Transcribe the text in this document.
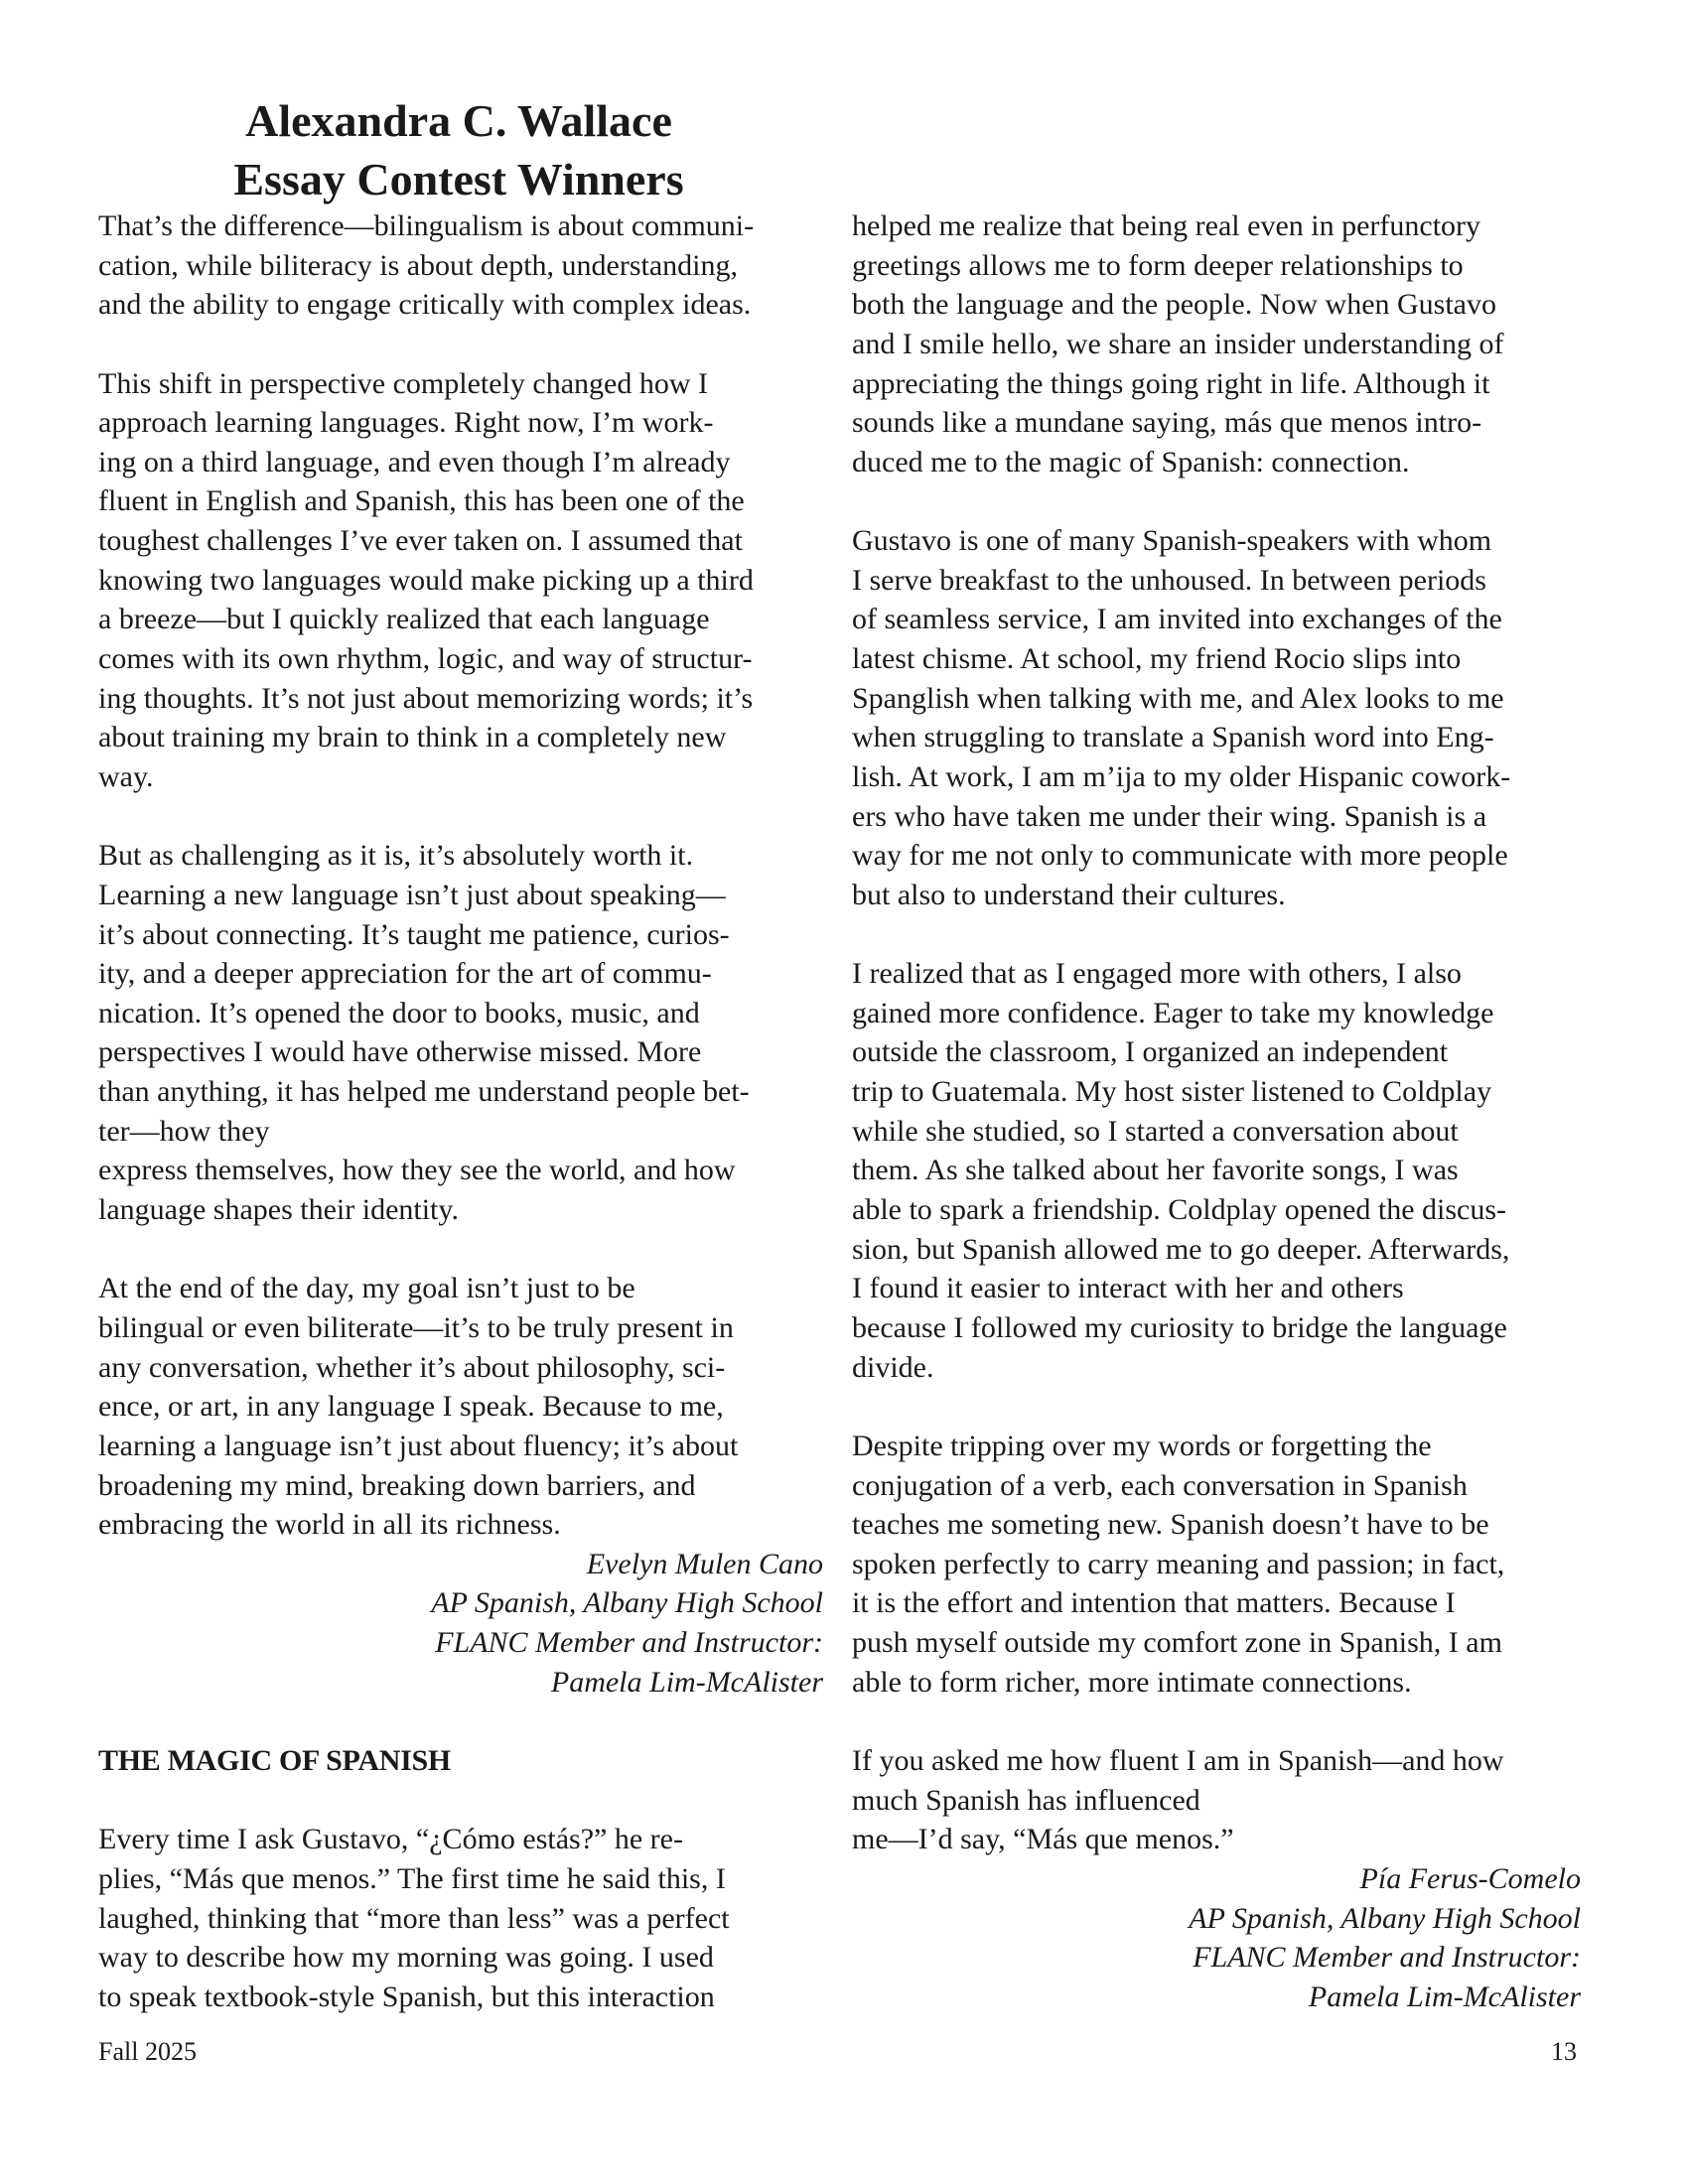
Alexandra C. Wallace
Essay Contest Winners
That’s the difference—bilingualism is about communi-
cation, while biliteracy is about depth, understanding,
and the ability to engage critically with complex ideas.
This shift in perspective completely changed how I
approach learning languages. Right now, I’m work-
ing on a third language, and even though I’m already
fluent in English and Spanish, this has been one of the
toughest challenges I’ve ever taken on. I assumed that
knowing two languages would make picking up a third
a breeze—but I quickly realized that each language
comes with its own rhythm, logic, and way of structur-
ing thoughts. It’s not just about memorizing words; it’s
about training my brain to think in a completely new
way.
But as challenging as it is, it’s absolutely worth it.
Learning a new language isn’t just about speaking—
it’s about connecting. It’s taught me patience, curios-
ity, and a deeper appreciation for the art of commu-
nication. It’s opened the door to books, music, and
perspectives I would have otherwise missed. More
than anything, it has helped me understand people bet-
ter—how they
express themselves, how they see the world, and how
language shapes their identity.
At the end of the day, my goal isn’t just to be
bilingual or even biliterate—it’s to be truly present in
any conversation, whether it’s about philosophy, sci-
ence, or art, in any language I speak. Because to me,
learning a language isn’t just about fluency; it’s about
broadening my mind, breaking down barriers, and
embracing the world in all its richness.
Evelyn Mulen Cano
AP Spanish, Albany High School
FLANC Member and Instructor:
Pamela Lim-McAlister
THE MAGIC OF SPANISH
Every time I ask Gustavo, “¿Cómo estás?” he re-
plies, “Más que menos.” The first time he said this, I
laughed, thinking that “more than less” was a perfect
way to describe how my morning was going. I used
to speak textbook-style Spanish, but this interaction
helped me realize that being real even in perfunctory
greetings allows me to form deeper relationships to
both the language and the people. Now when Gustavo
and I smile hello, we share an insider understanding of
appreciating the things going right in life. Although it
sounds like a mundane saying, más que menos intro-
duced me to the magic of Spanish: connection.
Gustavo is one of many Spanish-speakers with whom
I serve breakfast to the unhoused. In between periods
of seamless service, I am invited into exchanges of the
latest chisme. At school, my friend Rocio slips into
Spanglish when talking with me, and Alex looks to me
when struggling to translate a Spanish word into Eng-
lish. At work, I am m’ija to my older Hispanic cowork-
ers who have taken me under their wing. Spanish is a
way for me not only to communicate with more people
but also to understand their cultures.
I realized that as I engaged more with others, I also
gained more confidence. Eager to take my knowledge
outside the classroom, I organized an independent
trip to Guatemala. My host sister listened to Coldplay
while she studied, so I started a conversation about
them. As she talked about her favorite songs, I was
able to spark a friendship. Coldplay opened the discus-
sion, but Spanish allowed me to go deeper. Afterwards,
I found it easier to interact with her and others
because I followed my curiosity to bridge the language
divide.
Despite tripping over my words or forgetting the
conjugation of a verb, each conversation in Spanish
teaches me someting new. Spanish doesn’t have to be
spoken perfectly to carry meaning and passion; in fact,
it is the effort and intention that matters. Because I
push myself outside my comfort zone in Spanish, I am
able to form richer, more intimate connections.
If you asked me how fluent I am in Spanish—and how
much Spanish has influenced
me—I’d say, “Más que menos.”
Pía Ferus-Comelo
AP Spanish, Albany High School
FLANC Member and Instructor:
Pamela Lim-McAlister
Fall 2025	13
